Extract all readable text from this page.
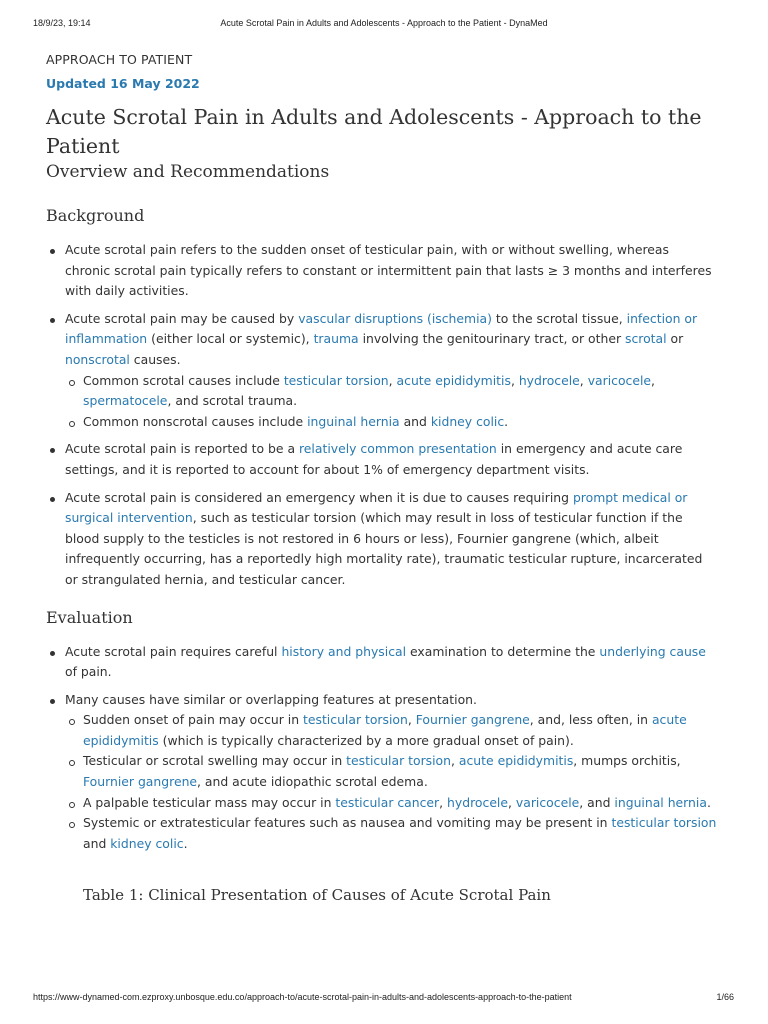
18/9/23, 19:14	Acute Scrotal Pain in Adults and Adolescents - Approach to the Patient - DynaMed
APPROACH TO PATIENT
Updated 16 May 2022
Acute Scrotal Pain in Adults and Adolescents - Approach to the Patient
Overview and Recommendations
Background
Acute scrotal pain refers to the sudden onset of testicular pain, with or without swelling, whereas chronic scrotal pain typically refers to constant or intermittent pain that lasts ≥ 3 months and interferes with daily activities.
Acute scrotal pain may be caused by vascular disruptions (ischemia) to the scrotal tissue, infection or inflammation (either local or systemic), trauma involving the genitourinary tract, or other scrotal or nonscrotal causes.
Common scrotal causes include testicular torsion, acute epididymitis, hydrocele, varicocele, spermatocele, and scrotal trauma.
Common nonscrotal causes include inguinal hernia and kidney colic.
Acute scrotal pain is reported to be a relatively common presentation in emergency and acute care settings, and it is reported to account for about 1% of emergency department visits.
Acute scrotal pain is considered an emergency when it is due to causes requiring prompt medical or surgical intervention, such as testicular torsion (which may result in loss of testicular function if the blood supply to the testicles is not restored in 6 hours or less), Fournier gangrene (which, albeit infrequently occurring, has a reportedly high mortality rate), traumatic testicular rupture, incarcerated or strangulated hernia, and testicular cancer.
Evaluation
Acute scrotal pain requires careful history and physical examination to determine the underlying cause of pain.
Many causes have similar or overlapping features at presentation.
Sudden onset of pain may occur in testicular torsion, Fournier gangrene, and, less often, in acute epididymitis (which is typically characterized by a more gradual onset of pain).
Testicular or scrotal swelling may occur in testicular torsion, acute epididymitis, mumps orchitis, Fournier gangrene, and acute idiopathic scrotal edema.
A palpable testicular mass may occur in testicular cancer, hydrocele, varicocele, and inguinal hernia.
Systemic or extratesticular features such as nausea and vomiting may be present in testicular torsion and kidney colic.
Table 1: Clinical Presentation of Causes of Acute Scrotal Pain
https://www-dynamed-com.ezproxy.unbosque.edu.co/approach-to/acute-scrotal-pain-in-adults-and-adolescents-approach-to-the-patient	1/66
